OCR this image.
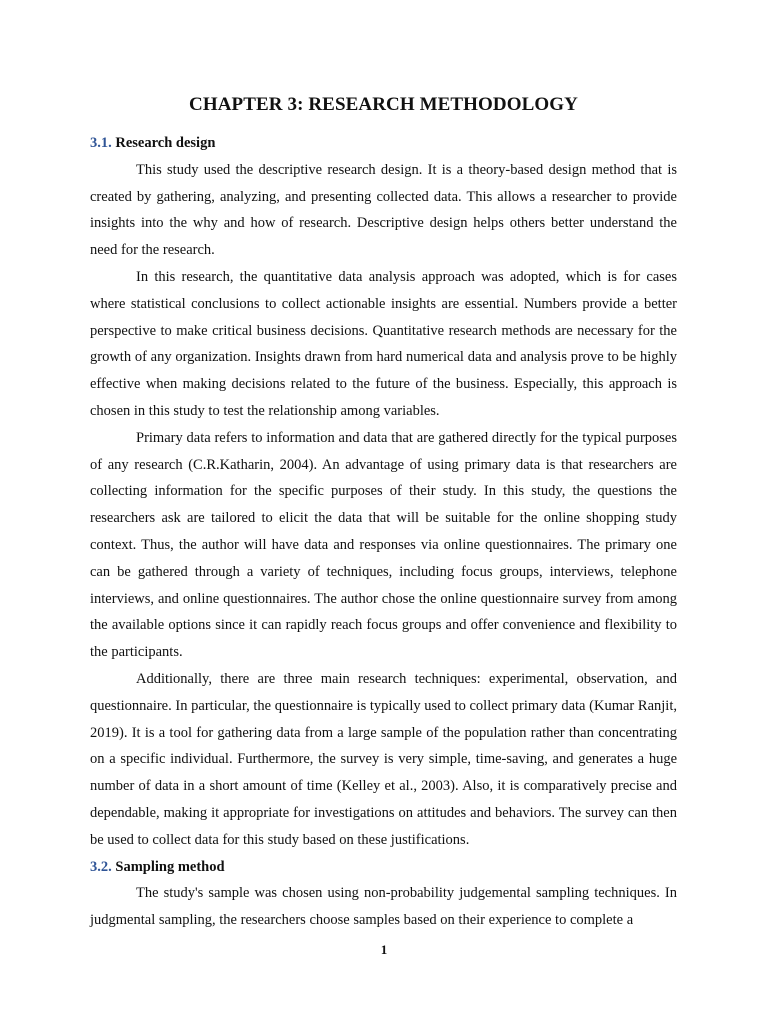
CHAPTER 3: RESEARCH METHODOLOGY
3.1. Research design

This study used the descriptive research design. It is a theory-based design method that is created by gathering, analyzing, and presenting collected data. This allows a researcher to provide insights into the why and how of research. Descriptive design helps others better understand the need for the research.

In this research, the quantitative data analysis approach was adopted, which is for cases where statistical conclusions to collect actionable insights are essential. Numbers provide a better perspective to make critical business decisions. Quantitative research methods are necessary for the growth of any organization. Insights drawn from hard numerical data and analysis prove to be highly effective when making decisions related to the future of the business. Especially, this approach is chosen in this study to test the relationship among variables.

Primary data refers to information and data that are gathered directly for the typical purposes of any research (C.R.Katharin, 2004). An advantage of using primary data is that researchers are collecting information for the specific purposes of their study. In this study, the questions the researchers ask are tailored to elicit the data that will be suitable for the online shopping study context. Thus, the author will have data and responses via online questionnaires. The primary one can be gathered through a variety of techniques, including focus groups, interviews, telephone interviews, and online questionnaires. The author chose the online questionnaire survey from among the available options since it can rapidly reach focus groups and offer convenience and flexibility to the participants.

Additionally, there are three main research techniques: experimental, observation, and questionnaire. In particular, the questionnaire is typically used to collect primary data (Kumar Ranjit, 2019). It is a tool for gathering data from a large sample of the population rather than concentrating on a specific individual. Furthermore, the survey is very simple, time-saving, and generates a huge number of data in a short amount of time (Kelley et al., 2003). Also, it is comparatively precise and dependable, making it appropriate for investigations on attitudes and behaviors. The survey can then be used to collect data for this study based on these justifications.

3.2. Sampling method

The study's sample was chosen using non-probability judgemental sampling techniques. In judgmental sampling, the researchers choose samples based on their experience to complete a

1
